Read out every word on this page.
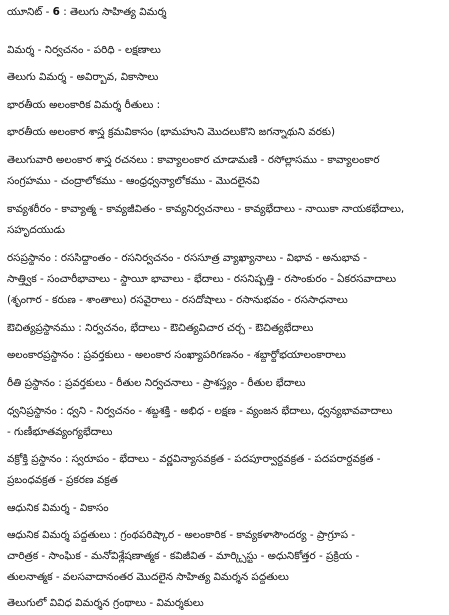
యూనిట్ - 6 : తెలుగు సాహిత్య విమర్శ
విమర్శ - నిర్వచనం - పరిధి - లక్షణాలు
తెలుగు విమర్శ - అవిర్భావ, వికాసాలు
భారతీయ అలంకారిక విమర్శ రీతులు :
భారతీయ అలంకార శాస్త్ర క్రమవికాసం (భామహుని మొదలుకొని జగన్నాథుని వరకు)
తెలుగువారి అలంకార శాస్త్ర రచనలు : కావ్యాలంకార చూడామణి - రసోల్లాసము - కావ్యాలంకార
సంగ్రహము - చంద్రాలోకము - ఆంధ్రధ్వన్యాలోకము - మొదలైనవి
కావ్యశరీరం - కావ్యాత్మ - కావ్యజీవితం - కావ్యనిర్వచనాలు - కావ్యభేదాలు - నాయికా నాయకభేదాలు,
సహృదయుడు
రసప్రస్థానం : రససిద్ధాంతం - రసనిర్వచనం - రససూత్ర వ్యాఖ్యానాలు - విభావ - అనుభావ -
సాత్త్విక - సంచారీభావాలు - స్థాయీ భావాలు - భేదాలు - రసనిష్పత్తి - రసాంకురం - ఏకరసవాదాలు
(శృంగార - కరుణ - శాంతాలు) రసవైరాలు - రసదోషాలు - రసానుభవం - రససాధనాలు
ఔచిత్యప్రస్థానము : నిర్వచనం, భేదాలు - ఔచిత్యవిచార చర్చ - ఔచిత్యభేదాలు
అలంకారప్రస్థానం : ప్రవర్తకులు - అలంకార సంఖ్యాపరిగణనం - శబ్దార్థోభయాలంకారాలు
రీతి ప్రస్థానం : ప్రవర్తకులు - రీతుల నిర్వచనాలు - ప్రాశస్త్యం - రీతుల భేదాలు
ధ్వనిప్రస్థానం : ధ్వని - నిర్వచనం - శబ్దశక్తి - అభిధ - లక్షణ - వ్యంజన భేదాలు, ధ్వన్యభావవాదాలు
- గుణీభూతవ్యంగ్యభేదాలు
వక్రోక్తి ప్రస్థానం : స్వరూపం - భేదాలు - వర్ణవిన్యాసవక్రత - పదపూర్వార్ధవక్రత - పదపరార్ధవక్రత -
ప్రబంధవక్రత - ప్రకరణ వక్రత
ఆధునిక విమర్శ - వికాసం
ఆధునిక విమర్శ పద్ధతులు : గ్రంథపరిష్కార - అలంకారిక - కావ్యకళాసౌందర్య - ప్రాగ్రూప -
చారిత్రక - సాంఘిక - మనోవిశ్లేషణాత్మక - కవిజీవిత - మార్క్సిస్టు - అధునికోత్తర - ప్రక్రియ -
తులనాత్మక - వలసవాదానంతర మొదలైన సాహిత్య విమర్శన పద్ధతులు
తెలుగులో వివిధ విమర్శన గ్రంథాలు - విమర్శకులు
